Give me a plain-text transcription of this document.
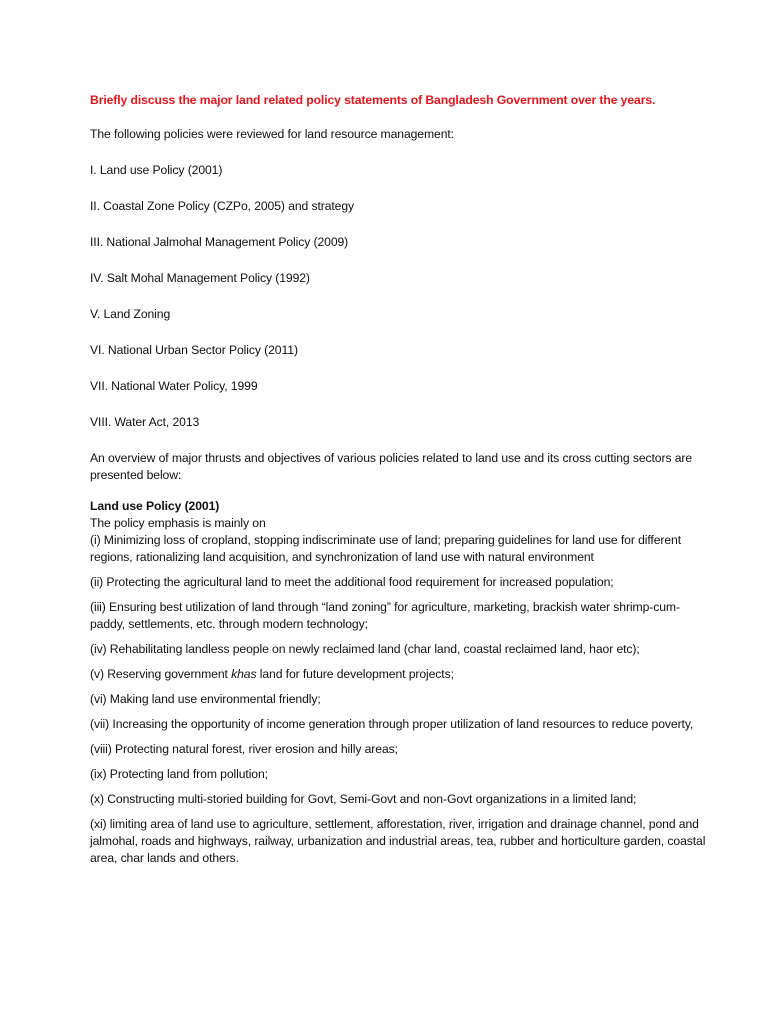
Briefly discuss the major land related policy statements of Bangladesh Government over the years.

The following policies were reviewed for land resource management:

I. Land use Policy (2001)

II. Coastal Zone Policy (CZPo, 2005) and strategy

III. National Jalmohal Management Policy (2009)

IV. Salt Mohal Management Policy (1992)

V. Land Zoning

VI. National Urban Sector Policy (2011)

VII. National Water Policy, 1999

VIII. Water Act, 2013

An overview of major thrusts and objectives of various policies related to land use and its cross cutting sectors are presented below:

Land use Policy (2001)

The policy emphasis is mainly on

(i) Minimizing loss of cropland, stopping indiscriminate use of land; preparing guidelines for land use for different regions, rationalizing land acquisition, and synchronization of land use with natural environment

(ii) Protecting the agricultural land to meet the additional food requirement for increased population;

(iii) Ensuring best utilization of land through “land zoning” for agriculture, marketing, brackish water shrimp-cum-paddy, settlements, etc. through modern technology;

(iv) Rehabilitating landless people on newly reclaimed land (char land, coastal reclaimed land, haor etc);

(v) Reserving government khas land for future development projects;

(vi) Making land use environmental friendly;

(vii) Increasing the opportunity of income generation through proper utilization of land resources to reduce poverty,

(viii) Protecting natural forest, river erosion and hilly areas;

(ix) Protecting land from pollution;

(x) Constructing multi-storied building for Govt, Semi-Govt and non-Govt organizations in a limited land;

(xi) limiting area of land use to agriculture, settlement, afforestation, river, irrigation and drainage channel, pond and jalmohal, roads and highways, railway, urbanization and industrial areas, tea, rubber and horticulture garden, coastal area, char lands and others.
